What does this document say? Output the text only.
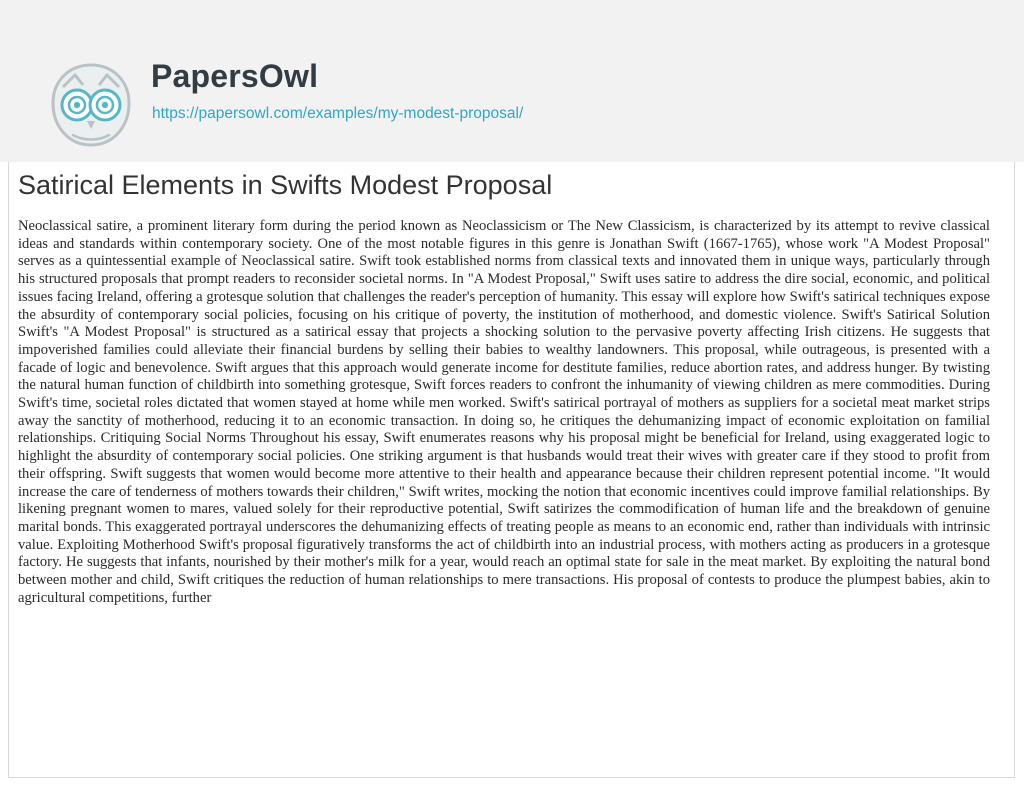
PapersOwl
https://papersowl.com/examples/my-modest-proposal/
Satirical Elements in Swifts Modest Proposal

Neoclassical satire, a prominent literary form during the period known as Neoclassicism or The New Classicism, is characterized by its attempt to revive classical ideas and standards within contemporary society. One of the most notable figures in this genre is Jonathan Swift (1667-1765), whose work "A Modest Proposal" serves as a quintessential example of Neoclassical satire. Swift took established norms from classical texts and innovated them in unique ways, particularly through his structured proposals that prompt readers to reconsider societal norms. In "A Modest Proposal," Swift uses satire to address the dire social, economic, and political issues facing Ireland, offering a grotesque solution that challenges the reader's perception of humanity. This essay will explore how Swift's satirical techniques expose the absurdity of contemporary social policies, focusing on his critique of poverty, the institution of motherhood, and domestic violence. Swift's Satirical Solution Swift's "A Modest Proposal" is structured as a satirical essay that projects a shocking solution to the pervasive poverty affecting Irish citizens. He suggests that impoverished families could alleviate their financial burdens by selling their babies to wealthy landowners. This proposal, while outrageous, is presented with a facade of logic and benevolence. Swift argues that this approach would generate income for destitute families, reduce abortion rates, and address hunger. By twisting the natural human function of childbirth into something grotesque, Swift forces readers to confront the inhumanity of viewing children as mere commodities. During Swift's time, societal roles dictated that women stayed at home while men worked. Swift's satirical portrayal of mothers as suppliers for a societal meat market strips away the sanctity of motherhood, reducing it to an economic transaction. In doing so, he critiques the dehumanizing impact of economic exploitation on familial relationships. Critiquing Social Norms Throughout his essay, Swift enumerates reasons why his proposal might be beneficial for Ireland, using exaggerated logic to highlight the absurdity of contemporary social policies. One striking argument is that husbands would treat their wives with greater care if they stood to profit from their offspring. Swift suggests that women would become more attentive to their health and appearance because their children represent potential income. "It would increase the care of tenderness of mothers towards their children," Swift writes, mocking the notion that economic incentives could improve familial relationships. By likening pregnant women to mares, valued solely for their reproductive potential, Swift satirizes the commodification of human life and the breakdown of genuine marital bonds. This exaggerated portrayal underscores the dehumanizing effects of treating people as means to an economic end, rather than individuals with intrinsic value. Exploiting Motherhood Swift's proposal figuratively transforms the act of childbirth into an industrial process, with mothers acting as producers in a grotesque factory. He suggests that infants, nourished by their mother's milk for a year, would reach an optimal state for sale in the meat market. By exploiting the natural bond between mother and child, Swift critiques the reduction of human relationships to mere transactions. His proposal of contests to produce the plumpest babies, akin to agricultural competitions, further
